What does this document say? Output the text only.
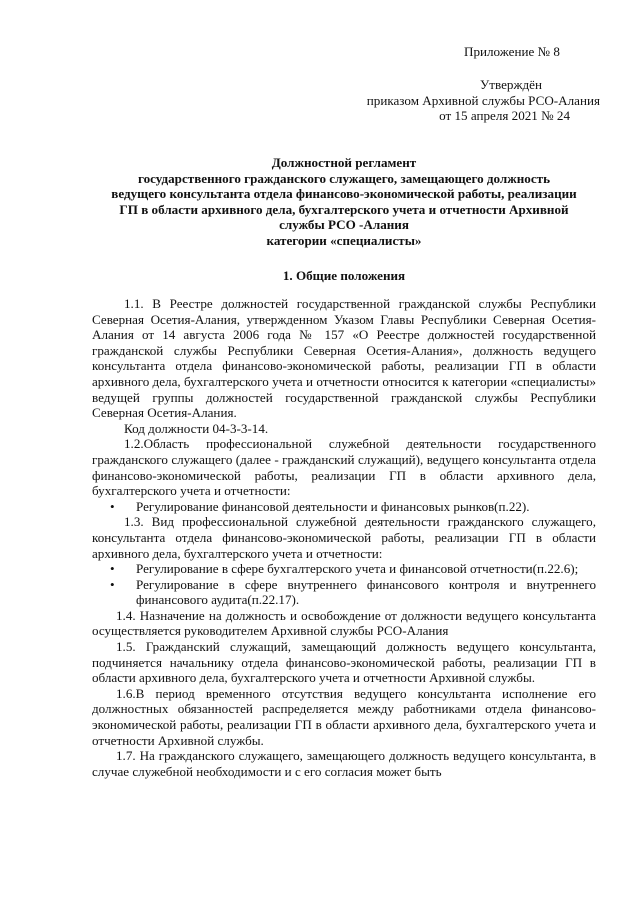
Приложение № 8
Утверждён
приказом Архивной службы РСО-Алания
от 15 апреля 2021 № 24
Должностной регламент
государственного гражданского служащего, замещающего должность
ведущего консультанта отдела финансово-экономической работы, реализации
ГП в области архивного дела, бухгалтерского учета и отчетности Архивной
службы РСО -Алания
категории «специалисты»
1. Общие положения

1.1. В Реестре должностей государственной гражданской службы Республики Северная Осетия-Алания, утвержденном Указом Главы Республики Северная Осетия-Алания от 14 августа 2006 года № 157 «О Реестре должностей государственной гражданской службы Республики Северная Осетия-Алания», должность ведущего консультанта отдела финансово-экономической работы, реализации ГП в области архивного дела, бухгалтерского учета и отчетности относится к категории «специалисты» ведущей группы должностей государственной гражданской службы Республики Северная Осетия-Алания.

Код должности 04-3-3-14.

1.2.Область профессиональной служебной деятельности государственного гражданского служащего (далее - гражданский служащий), ведущего консультанта отдела финансово-экономической работы, реализации ГП в области архивного дела, бухгалтерского учета и отчетности:

• Регулирование финансовой деятельности и финансовых рынков(п.22).

1.3. Вид профессиональной служебной деятельности гражданского служащего, консультанта отдела финансово-экономической работы, реализации ГП в области архивного дела, бухгалтерского учета и отчетности:

• Регулирование в сфере бухгалтерского учета и финансовой отчетности(п.22.6);
• Регулирование в сфере внутреннего финансового контроля и внутреннего финансового аудита(п.22.17).

1.4. Назначение на должность и освобождение от должности ведущего консультанта осуществляется руководителем Архивной службы РСО-Алания

1.5. Гражданский служащий, замещающий должность ведущего консультанта, подчиняется начальнику отдела финансово-экономической работы, реализации ГП в области архивного дела, бухгалтерского учета и отчетности Архивной службы.

1.6.В период временного отсутствия ведущего консультанта исполнение его должностных обязанностей распределяется между работниками отдела финансово-экономической работы, реализации ГП в области архивного дела, бухгалтерского учета и отчетности Архивной службы.

1.7. На гражданского служащего, замещающего должность ведущего консультанта, в случае служебной необходимости и с его согласия может быть
